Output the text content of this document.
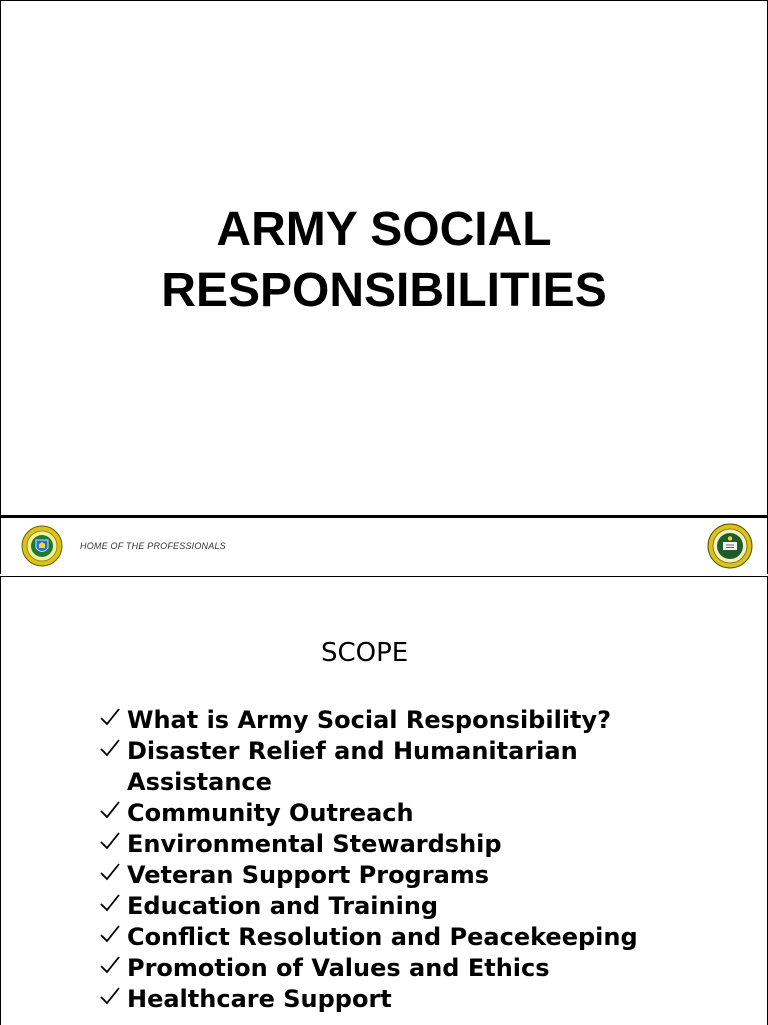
ARMY SOCIAL
RESPONSIBILITIES
HOME OF THE PROFESSIONALS
SCOPE
What is Army Social Responsibility?
Disaster Relief and Humanitarian Assistance
Community Outreach
Environmental Stewardship
Veteran Support Programs
Education and Training
Conflict Resolution and Peacekeeping
Promotion of Values and Ethics
Healthcare Support
